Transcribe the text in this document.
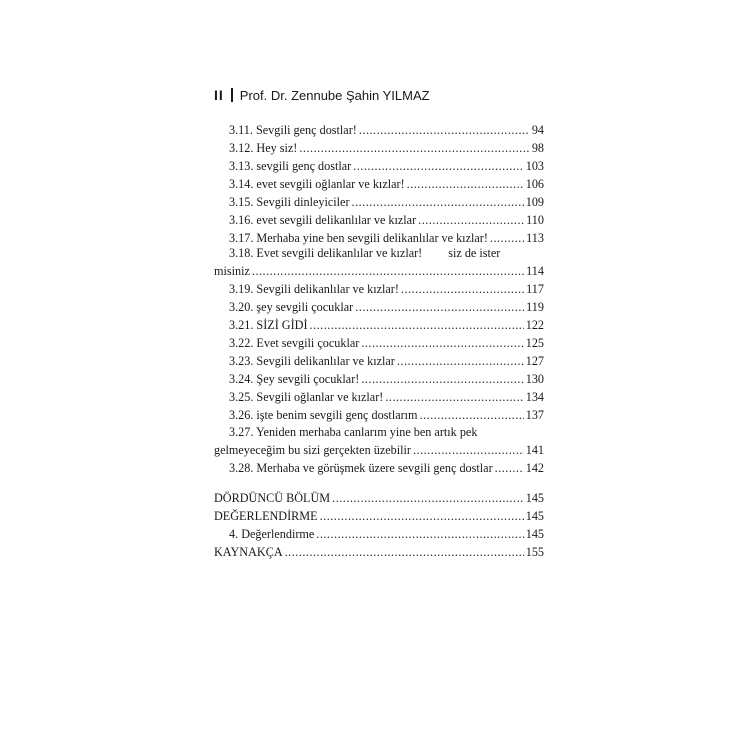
II Prof. Dr. Zennube Şahin YILMAZ
3.11. Sevgili genç dostlar! .....	94
3.12. Hey siz! .....	98
3.13. sevgili genç dostlar .....	103
3.14. evet sevgili oğlanlar ve kızlar! .....	106
3.15. Sevgili dinleyiciler .....	109
3.16. evet sevgili delikanlılar ve kızlar .....	110
3.17. Merhaba yine ben sevgili delikanlılar ve kızlar! .....	113
3.18. Evet sevgili delikanlılar ve kızlar! siz de ister
misiniz .....	114
3.19. Sevgili delikanlılar ve kızlar! .....	117
3.20. şey sevgili çocuklar .....	119
3.21. SİZİ GİDİ .....	122
3.22. Evet sevgili çocuklar .....	125
3.23. Sevgili delikanlılar ve kızlar .....	127
3.24. Şey sevgili çocuklar! .....	130
3.25. Sevgili oğlanlar ve kızlar! .....	134
3.26. işte benim sevgili genç dostlarım .....	137
3.27. Yeniden merhaba canlarım yine ben artık pek
gelmeyeceğim bu sizi gerçekten üzebilir .....	141
3.28. Merhaba ve görüşmek üzere sevgili genç dostlar .....	142
DÖRDÜNCÜ BÖLÜM .....	145
DEĞERLENDİRME .....	145
4. Değerlendirme .....	145
KAYNAKÇA .....	155
